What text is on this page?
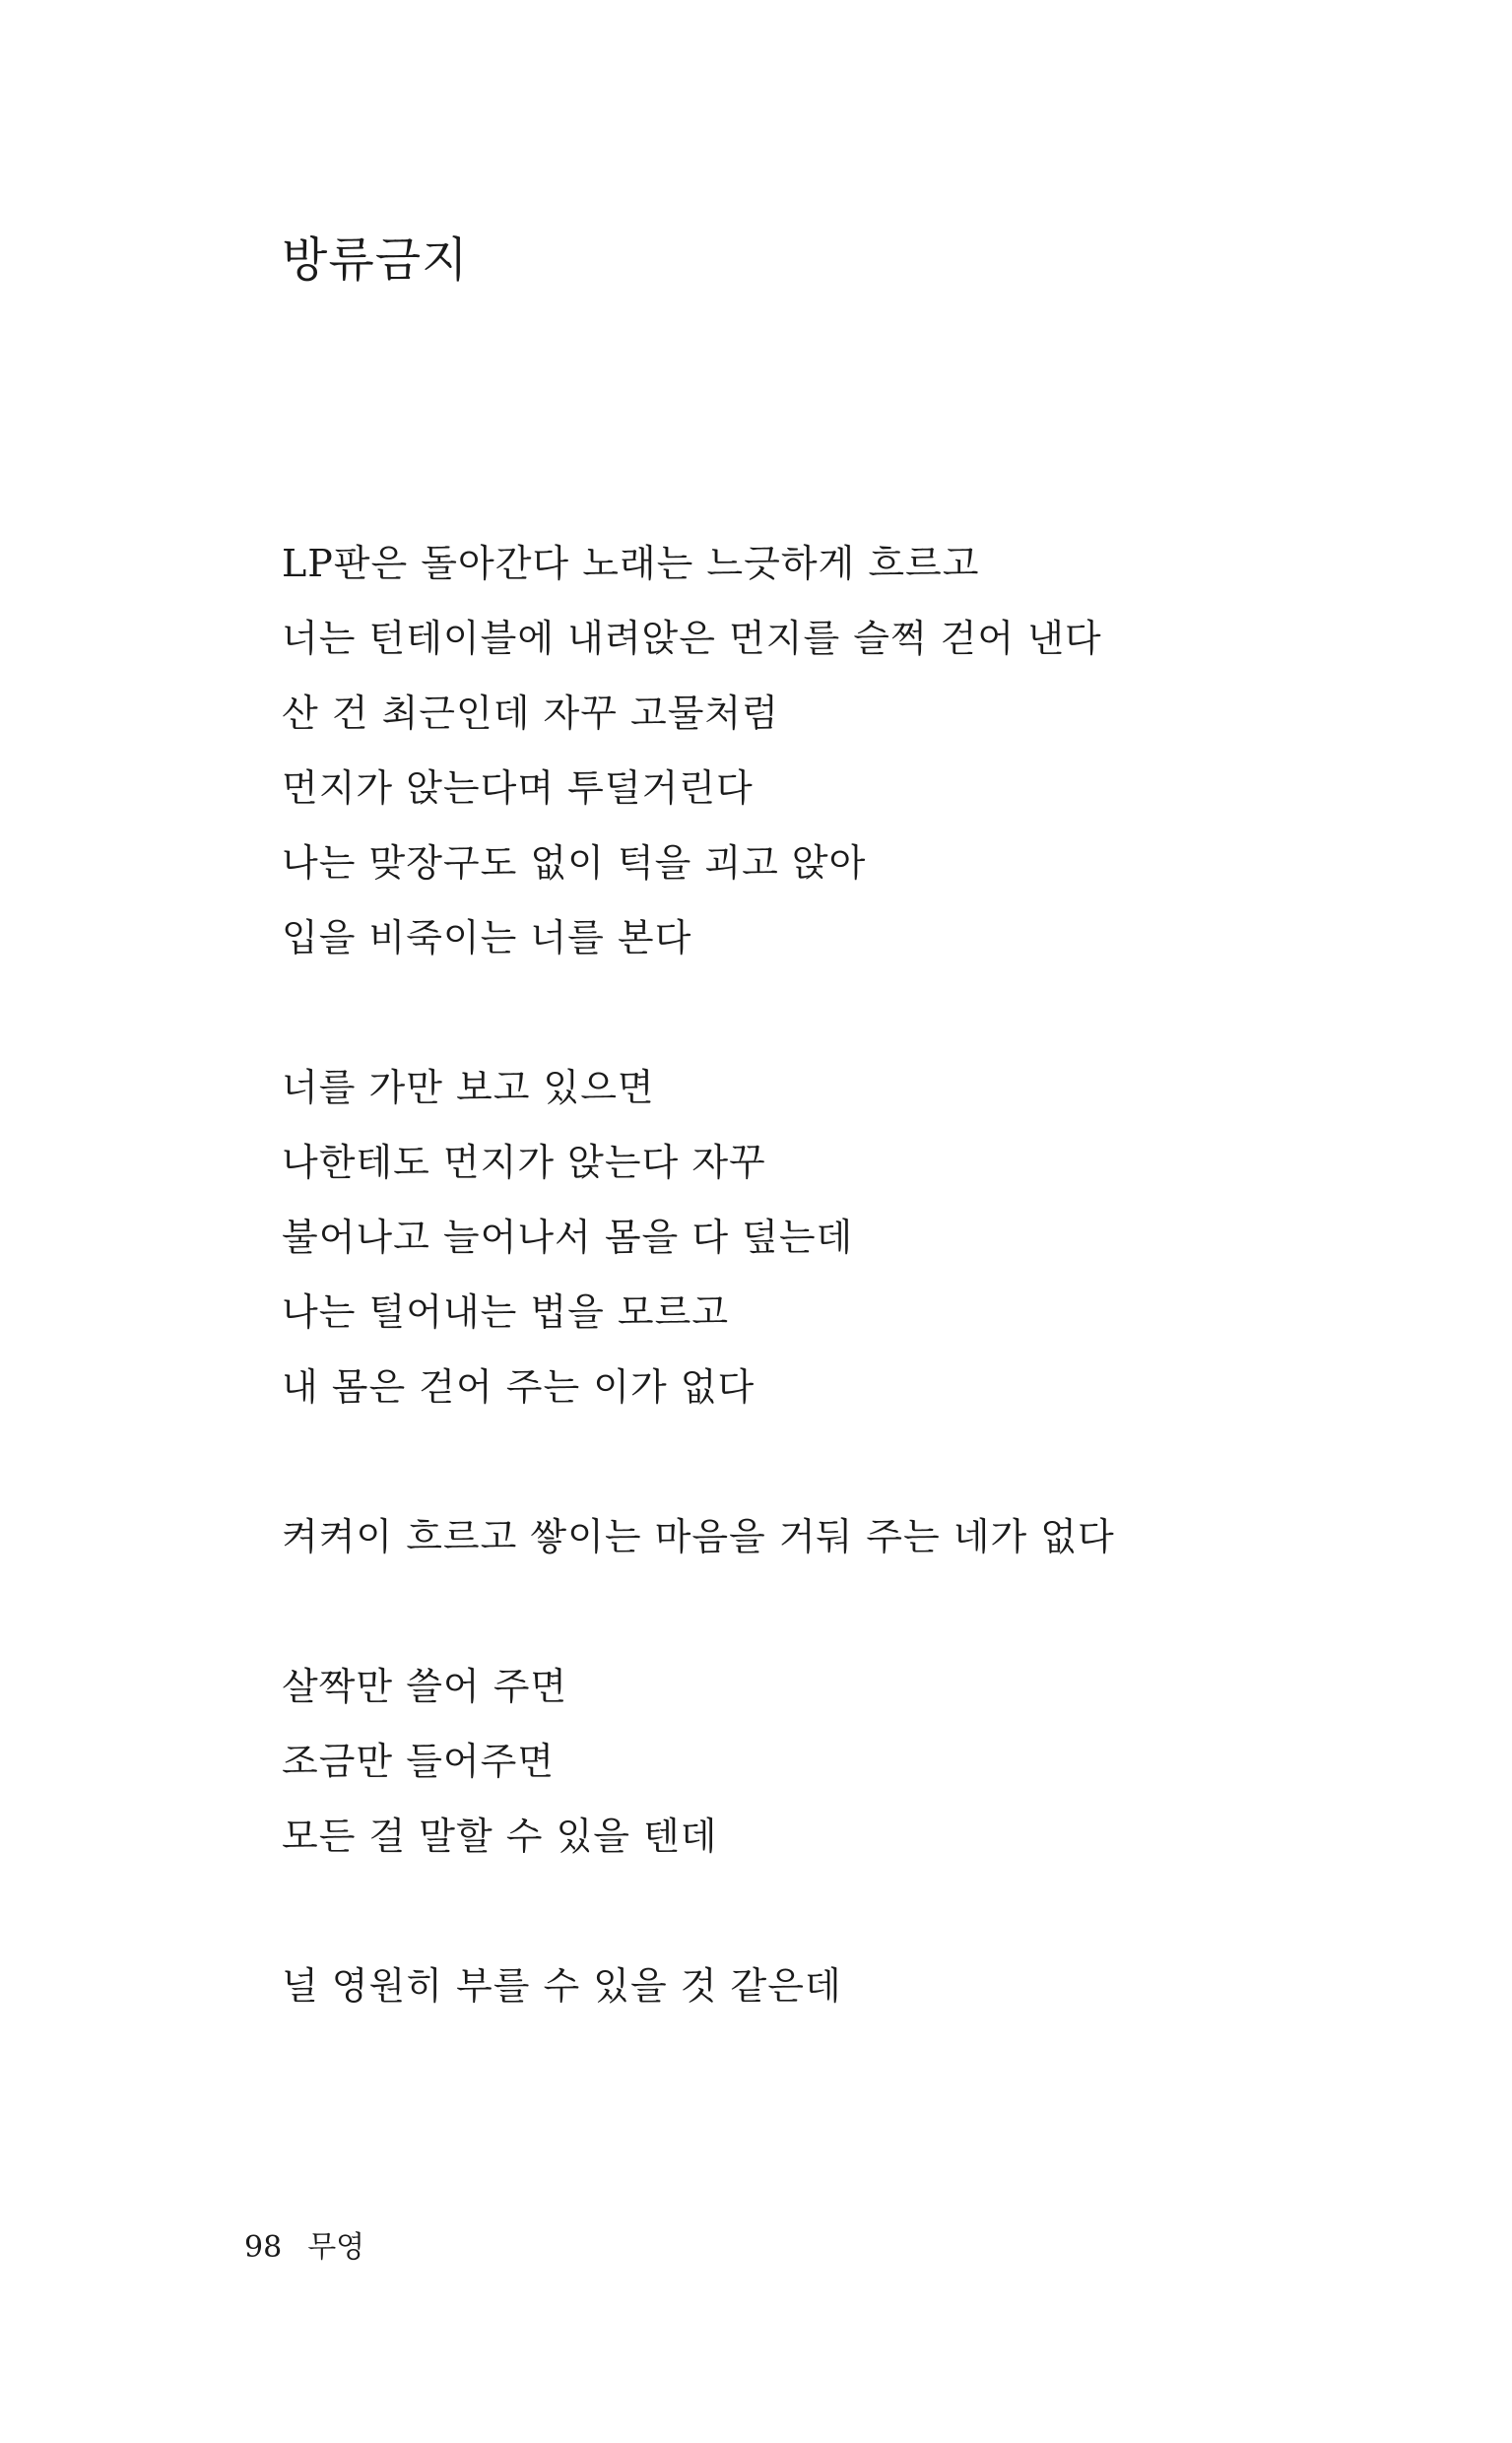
방류금지
LP판은 돌아간다 노래는 느긋하게 흐르고
너는 턴테이블에 내려앉은 먼지를 슬쩍 걷어 낸다
산 건 최근인데 자꾸 고물처럼
먼지가 앉는다며 투덜거린다
나는 맞장구도 없이 턱을 괴고 앉아
입을 비죽이는 너를 본다
너를 가만 보고 있으면
나한테도 먼지가 앉는다 자꾸
불어나고 늘어나서 몸을 다 덮는데
나는 털어내는 법을 모르고
내 몸은 걷어 주는 이가 없다
켜켜이 흐르고 쌓이는 마음을 거둬 주는 네가 없다
살짝만 쓸어 주면
조금만 들어주면
모든 걸 말할 수 있을 텐데
널 영원히 부를 수 있을 것 같은데
98 무영
